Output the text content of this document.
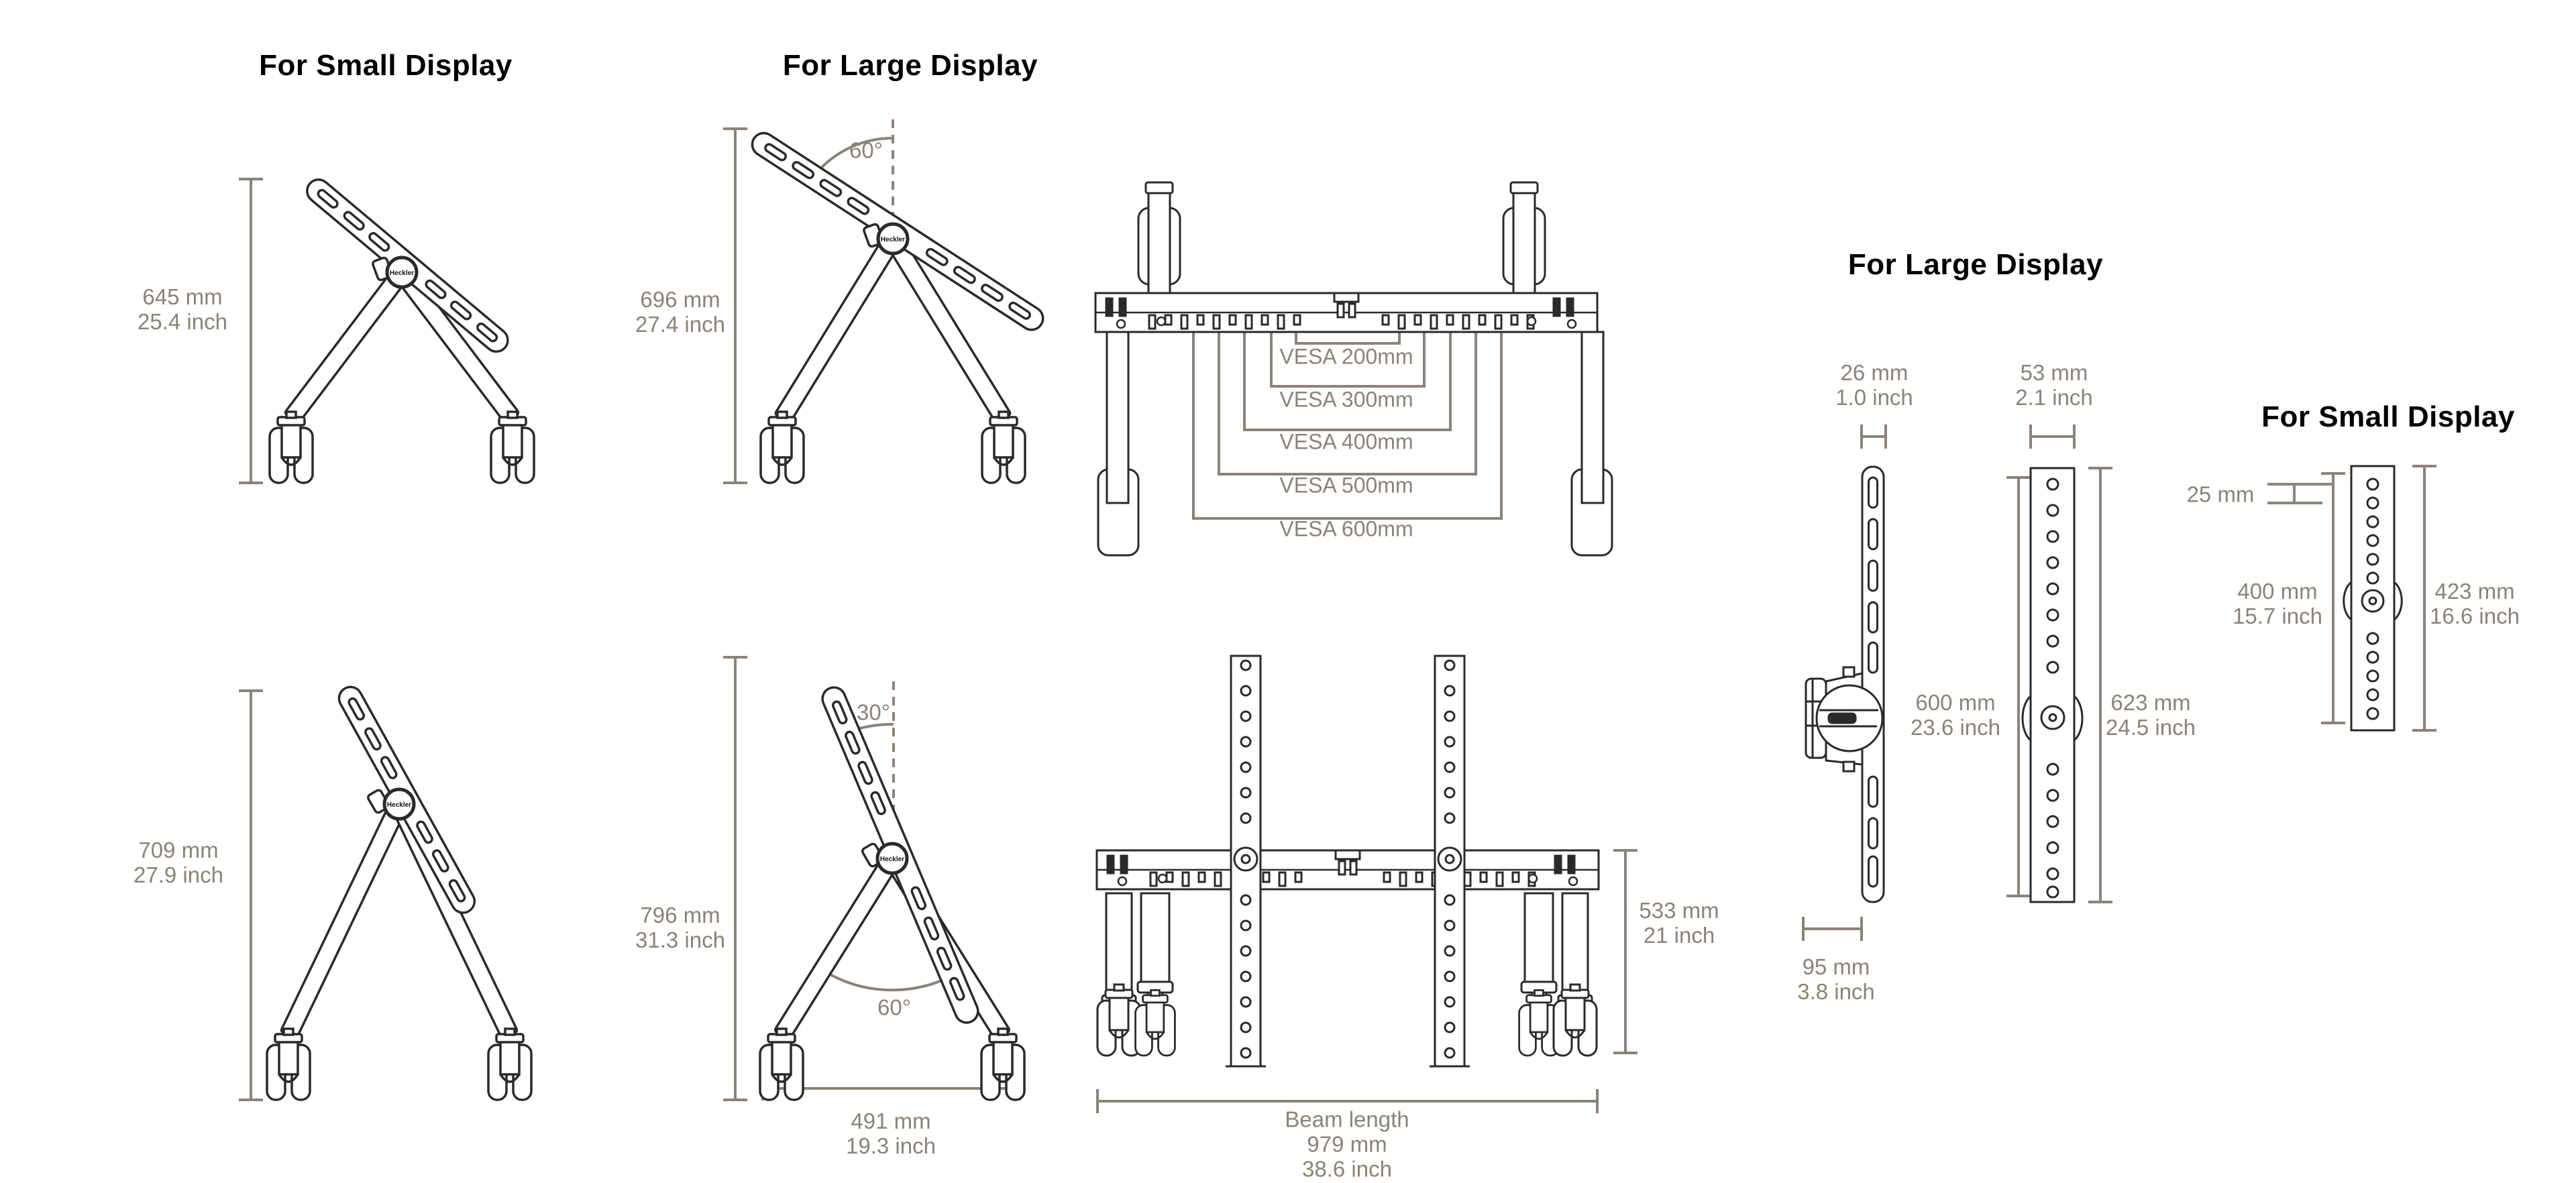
Heckler
Heckler
Heckler
Heckler
For Small Display	For Large Display
For Large Display
For Small Display
645 mm
25.4 inch
696 mm
27.4 inch
60°
709 mm
27.9 inch
796 mm
31.3 inch
30°
60°
491 mm
19.3 inch
VESA 200mm
VESA 300mm
VESA 400mm
VESA 500mm
VESA 600mm
533 mm
21 inch
Beam length
979 mm
38.6 inch
26 mm
1.0 inch
53 mm
2.1 inch
600 mm
23.6 inch
623 mm
24.5 inch
95 mm
3.8 inch
25 mm
400 mm
15.7 inch
423 mm
16.6 inch
